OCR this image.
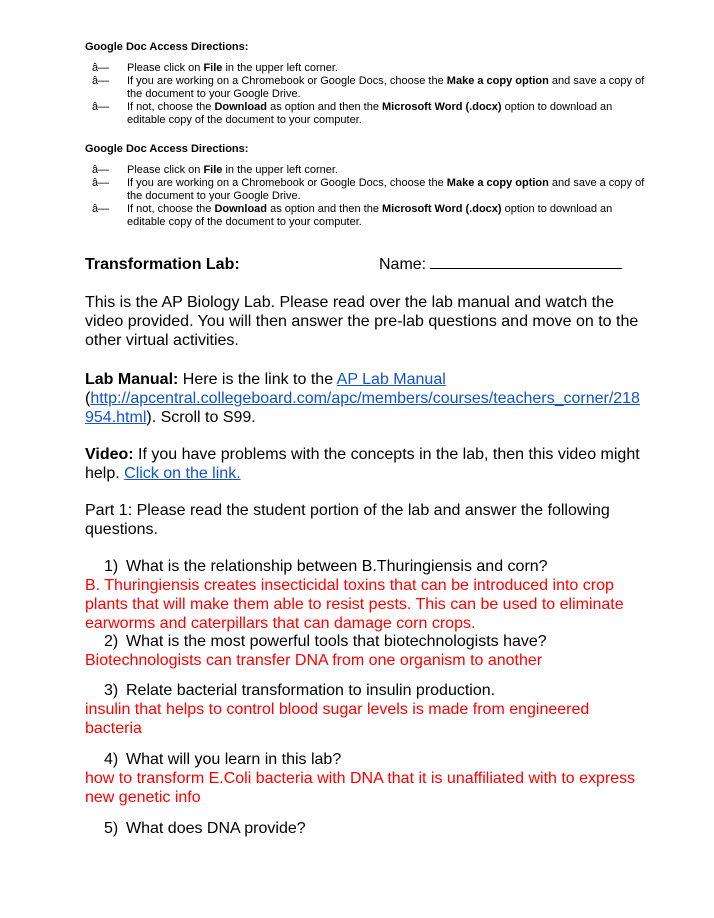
Google Doc Access Directions:
â— Please click on File in the upper left corner.
â— If you are working on a Chromebook or Google Docs, choose the Make a copy option and save a copy of the document to your Google Drive.
â— If not, choose the Download as option and then the Microsoft Word (.docx) option to download an editable copy of the document to your computer.
Google Doc Access Directions:
â— Please click on File in the upper left corner.
â— If you are working on a Chromebook or Google Docs, choose the Make a copy option and save a copy of the document to your Google Drive.
â— If not, choose the Download as option and then the Microsoft Word (.docx) option to download an editable copy of the document to your computer.
Transformation Lab:	Name:
This is the AP Biology Lab. Please read over the lab manual and watch the video provided. You will then answer the pre-lab questions and move on to the other virtual activities.
Lab Manual: Here is the link to the AP Lab Manual
(http://apcentral.collegeboard.com/apc/members/courses/teachers_corner/218954.html). Scroll to S99.
Video: If you have problems with the concepts in the lab, then this video might help. Click on the link.
Part 1: Please read the student portion of the lab and answer the following questions.
1) What is the relationship between B.Thuringiensis and corn?
B. Thuringiensis creates insecticidal toxins that can be introduced into crop plants that will make them able to resist pests. This can be used to eliminate earworms and caterpillars that can damage corn crops.
2) What is the most powerful tools that biotechnologists have?
Biotechnologists can transfer DNA from one organism to another
3) Relate bacterial transformation to insulin production.
insulin that helps to control blood sugar levels is made from engineered bacteria
4) What will you learn in this lab?
how to transform E.Coli bacteria with DNA that it is unaffiliated with to express new genetic info
5) What does DNA provide?
